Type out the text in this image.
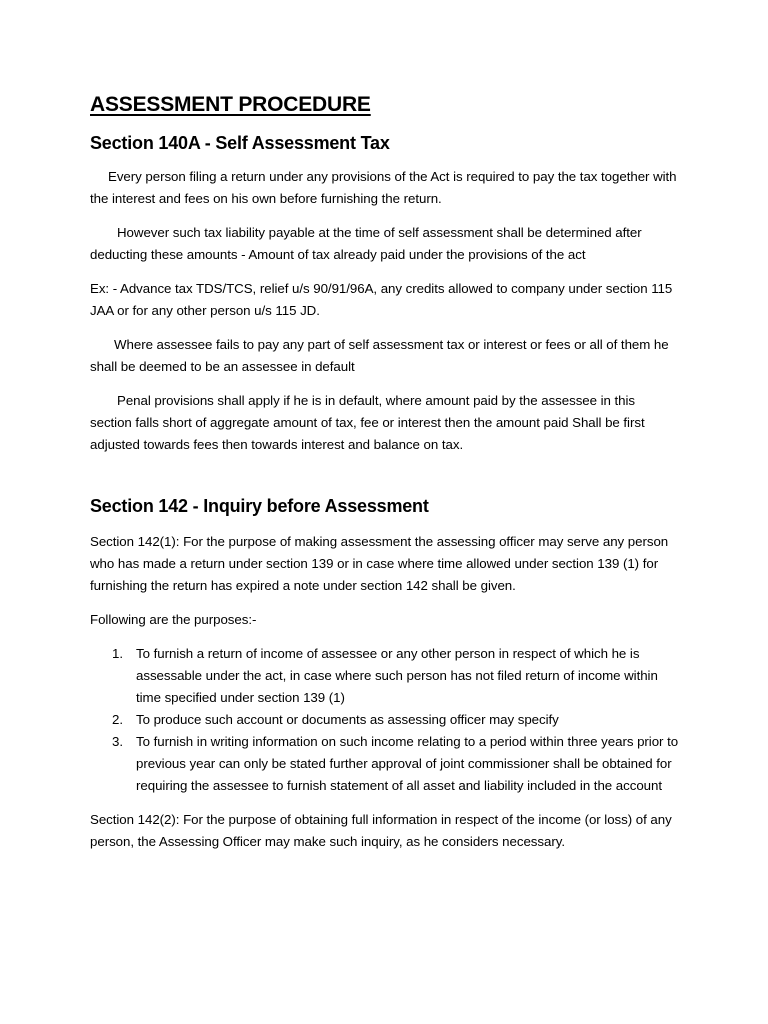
ASSESSMENT PROCEDURE
Section 140A - Self Assessment Tax

Every person filing a return under any provisions of the Act is required to pay the tax together with the interest and fees on his own before furnishing the return.

However such tax liability payable at the time of self assessment shall be determined after deducting these amounts - Amount of tax already paid under the provisions of the act

Ex: - Advance tax TDS/TCS, relief u/s 90/91/96A, any credits allowed to company under section 115 JAA or for any other person u/s 115 JD.

Where assessee fails to pay any part of self assessment tax or interest or fees or all of them he shall be deemed to be an assessee in default

Penal provisions shall apply if he is in default, where amount paid by the assessee in this section falls short of aggregate amount of tax, fee or interest then the amount paid Shall be first adjusted towards fees then towards interest and balance on tax.

Section 142 - Inquiry before Assessment

Section 142(1): For the purpose of making assessment the assessing officer may serve any person who has made a return under section 139 or in case where time allowed under section 139 (1) for furnishing the return has expired a note under section 142 shall be given.

Following are the purposes:-

1. To furnish a return of income of assessee or any other person in respect of which he is assessable under the act, in case where such person has not filed return of income within time specified under section 139 (1)
2. To produce such account or documents as assessing officer may specify
3. To furnish in writing information on such income relating to a period within three years prior to previous year can only be stated further approval of joint commissioner shall be obtained for requiring the assessee to furnish statement of all asset and liability included in the account

Section 142(2): For the purpose of obtaining full information in respect of the income (or loss) of any person, the Assessing Officer may make such inquiry, as he considers necessary.
